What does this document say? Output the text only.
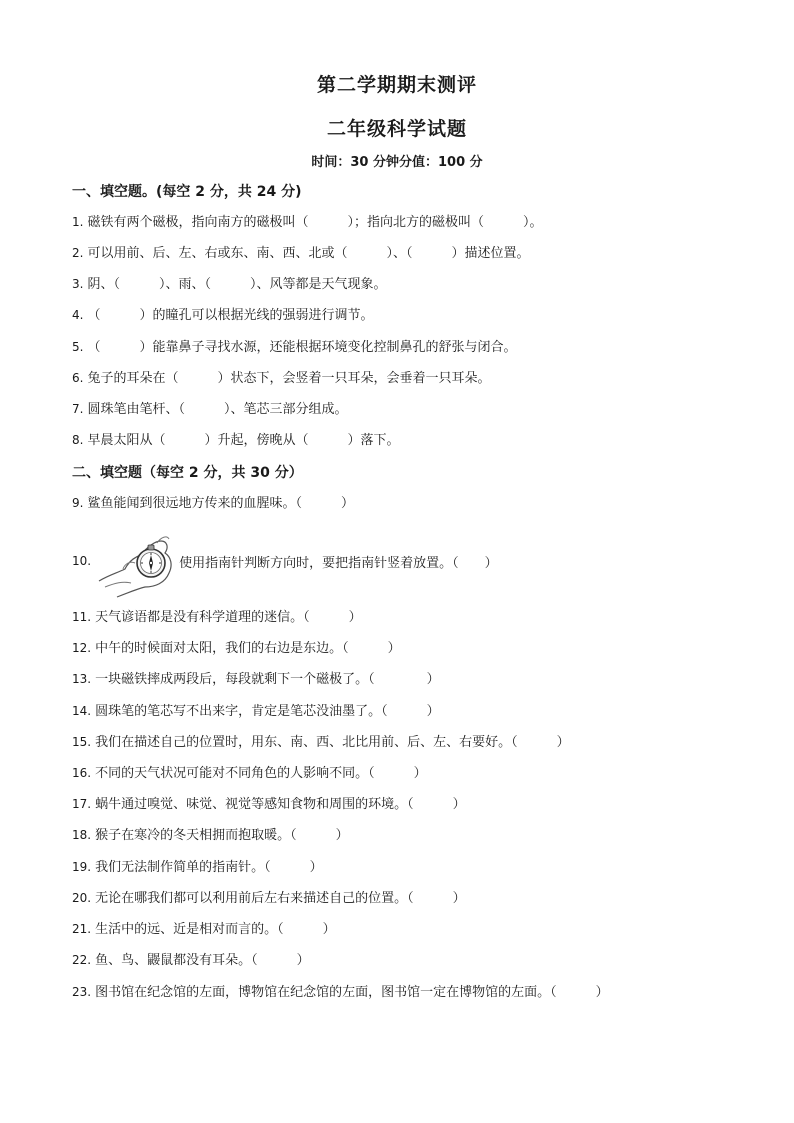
第二学期期末测评
二年级科学试题

时间：30 分钟分值：100 分

一、填空题。(每空 2 分，共 24 分)

1. 磁铁有两个磁极，指向南方的磁极叫（　　　）；指向北方的磁极叫（　　　）。

2. 可以用前、后、左、右或东、南、西、北或（　　　）、（　　　）描述位置。

3. 阴、（　　　）、雨、（　　　）、风等都是天气现象。

4. （　　　）的瞳孔可以根据光线的强弱进行调节。

5. （　　　）能靠鼻子寻找水源，还能根据环境变化控制鼻孔的舒张与闭合。

6. 兔子的耳朵在（　　　）状态下，会竖着一只耳朵，会垂着一只耳朵。

7. 圆珠笔由笔杆、（　　　）、笔芯三部分组成。

8. 早晨太阳从（　　　）升起，傍晚从（　　　）落下。

二、填空题（每空 2 分，共 30 分）

9. 鲨鱼能闻到很远地方传来的血腥味。（　　　）

10.	使用指南针判断方向时，要把指南针竖着放置。（　　）

11. 天气谚语都是没有科学道理的迷信。（　　　）

12. 中午的时候面对太阳，我们的右边是东边。（　　　）

13. 一块磁铁摔成两段后，每段就剩下一个磁极了。（　　　　）

14. 圆珠笔的笔芯写不出来字，肯定是笔芯没油墨了。（　　　）

15. 我们在描述自己的位置时，用东、南、西、北比用前、后、左、右要好。（　　　）

16. 不同的天气状况可能对不同角色的人影响不同。（　　　）

17. 蜗牛通过嗅觉、味觉、视觉等感知食物和周围的环境。（　　　）

18. 猴子在寒冷的冬天相拥而抱取暖。（　　　）

19. 我们无法制作简单的指南针。（　　　）

20. 无论在哪我们都可以利用前后左右来描述自己的位置。（　　　）

21. 生活中的远、近是相对而言的。（　　　）

22. 鱼、鸟、鼹鼠都没有耳朵。（　　　）

23. 图书馆在纪念馆的左面，博物馆在纪念馆的左面，图书馆一定在博物馆的左面。（　　　）
